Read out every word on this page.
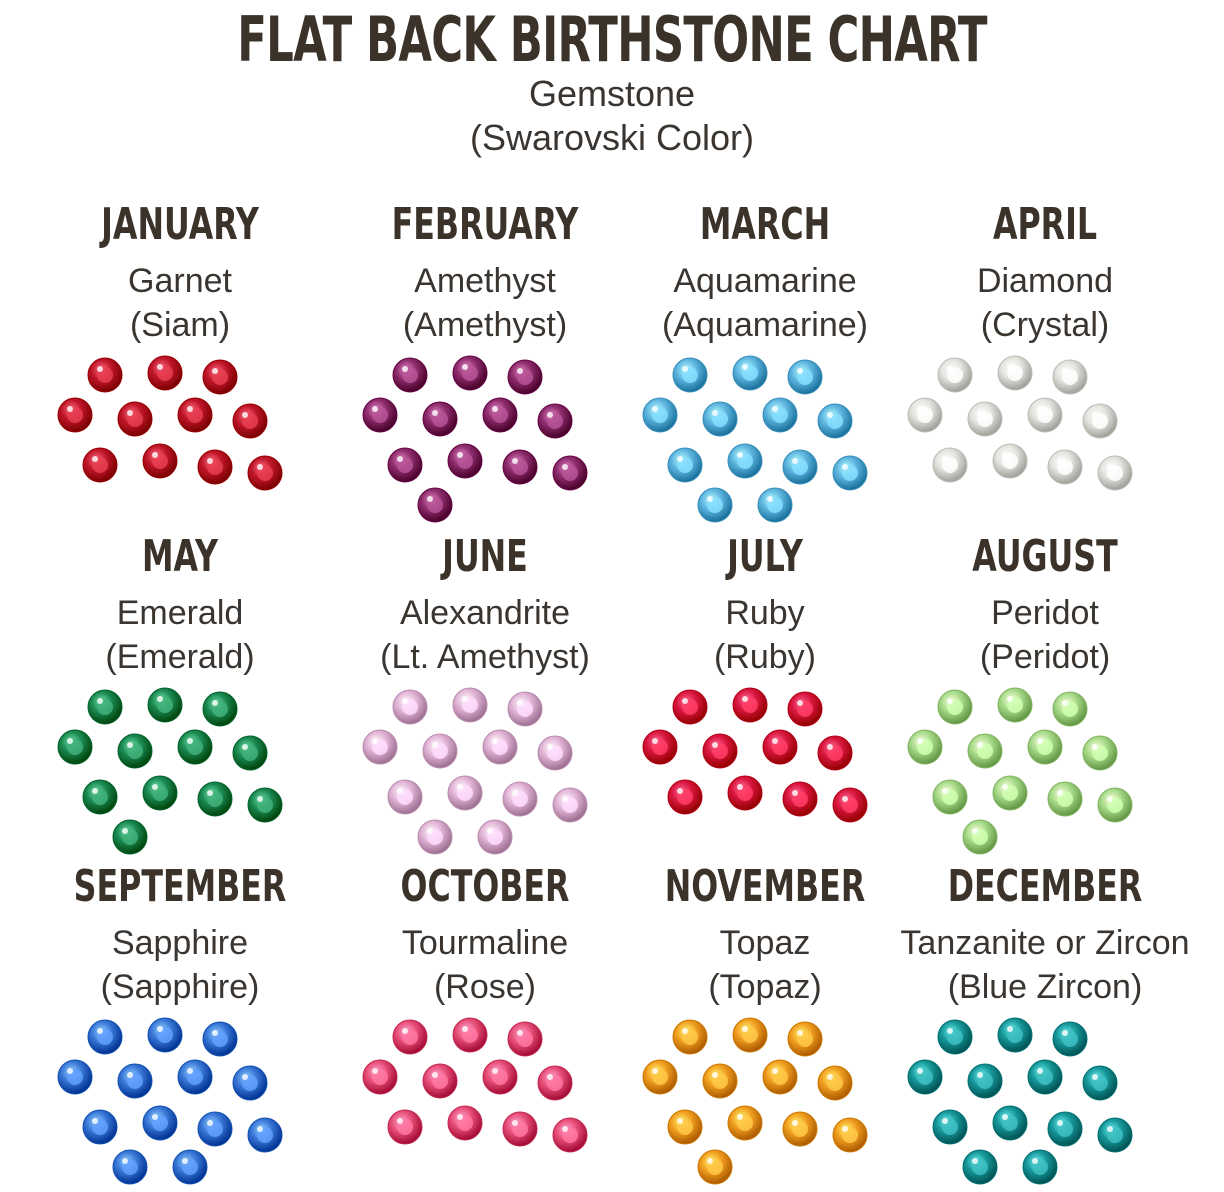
FLAT BACK BIRTHSTONE CHART
Gemstone
(Swarovski Color)
JANUARY
Garnet
(Siam)
FEBRUARY
Amethyst
(Amethyst)
MARCH
Aquamarine
(Aquamarine)
APRIL
Diamond
(Crystal)
MAY
Emerald
(Emerald)
JUNE
Alexandrite
(Lt. Amethyst)
JULY
Ruby
(Ruby)
AUGUST
Peridot
(Peridot)
SEPTEMBER
Sapphire
(Sapphire)
OCTOBER
Tourmaline
(Rose)
NOVEMBER
Topaz
(Topaz)
DECEMBER
Tanzanite or Zircon
(Blue Zircon)
